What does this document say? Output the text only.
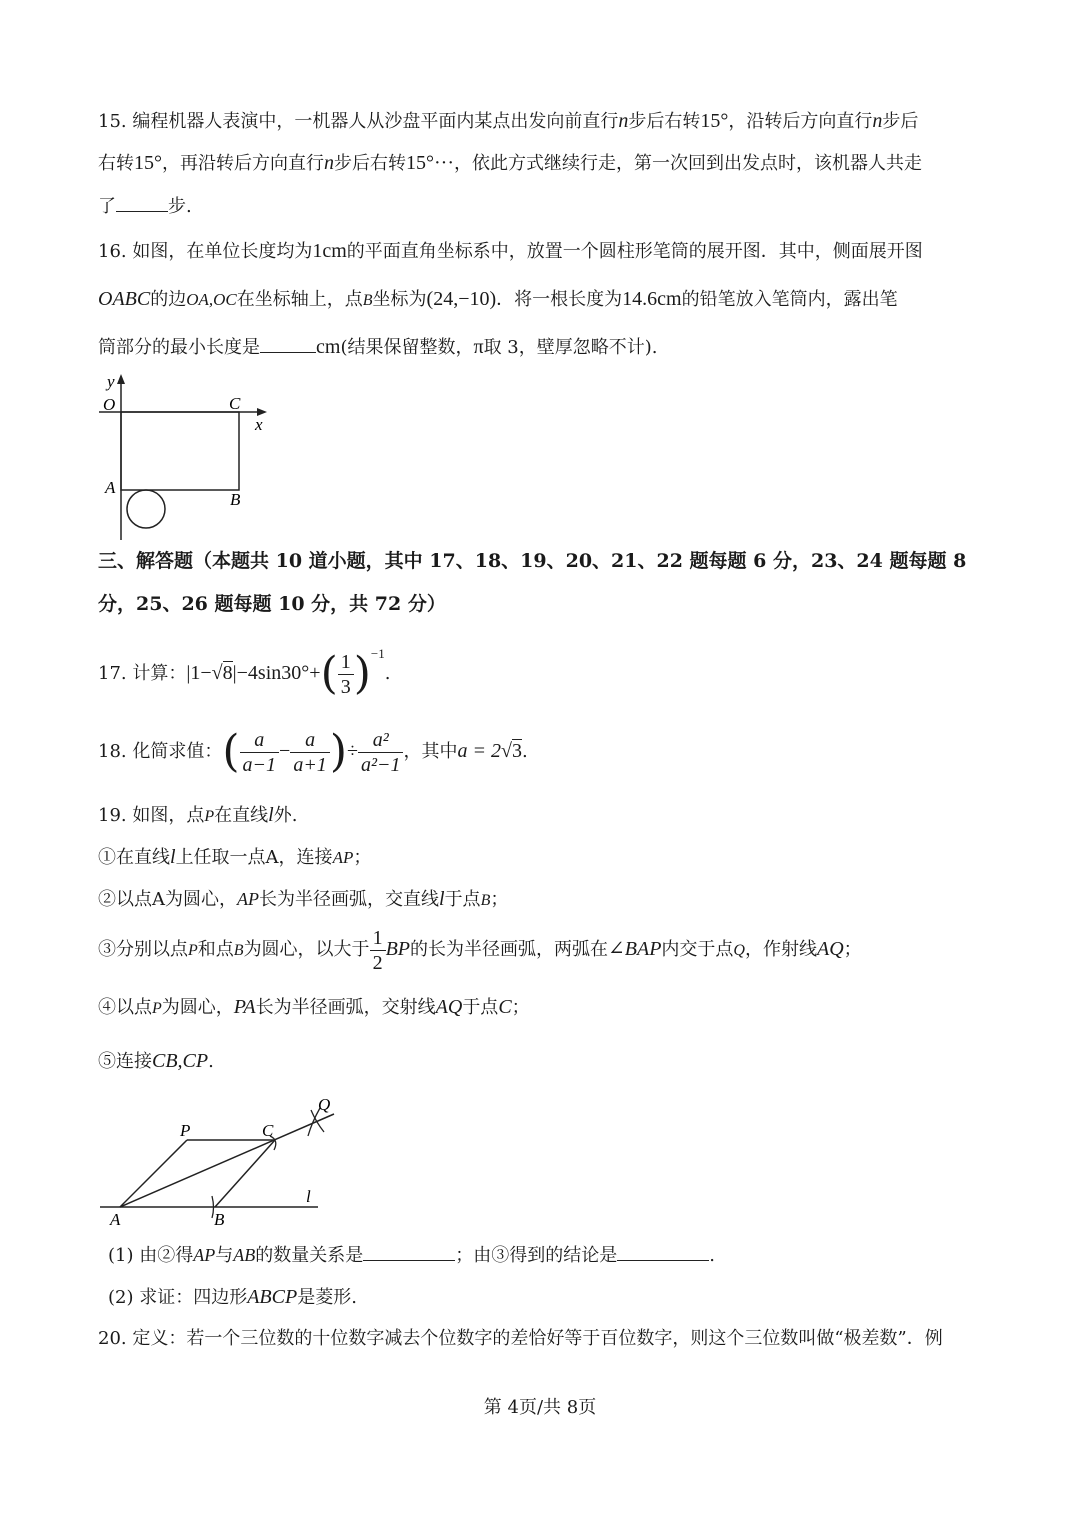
15. 编程机器人表演中，一机器人从沙盘平面内某点出发向前直行n步后右转15°，沿转后方向直行n步后
右转15°，再沿转后方向直行n步后右转15°···，依此方式继续行走，第一次回到出发点时，该机器人共走
了	步.
16. 如图，在单位长度均为1cm的平面直角坐标系中，放置一个圆柱形笔筒的展开图．其中，侧面展开图
OABC的边OA,OC在坐标轴上，点B坐标为(24,−10)．将一根长度为14.6cm的铅笔放入笔筒内，露出笔
筒部分的最小长度是	cm(结果保留整数，π取 3，壁厚忽略不计).
y
x
O	C
A
B
三、解答题（本题共 10 道小题，其中 17、18、19、20、21、22 题每题 6 分，23、24 题每题 8
分，25、26 题每题 10 分，共 72 分）
17. 计算：$|1-√8|-4\sin 30^\circ+( \frac{1}{3} )^{-1}$.
18. 化简求值：( $\frac{a}{a-1} - \frac{a}{a+1}$ )÷ $\frac{\text{a²}}{\text{a²−1}}$ ，其中a = 2√3.
19. 如图，点P在直线l外.
①在直线l上任取一点A，连接AP；
②以点A为圆心，AP长为半径画弧，交直线l于点B；
③分别以点P和点B为圆心，以大于 $\frac{1}{2}$ BP的长为半径画弧，两弧在∠BAP内交于点Q，作射线AQ；
④以点P为圆心，PA长为半径画弧，交射线AQ于点C；
⑤连接CB,CP.
P	C
Q
A	B
l
(1) 由②得AP与AB的数量关系是	；由③得到的结论是	.
(2) 求证：四边形ABCP是菱形.
20. 定义：若一个三位数的十位数字减去个位数字的差恰好等于百位数字，则这个三位数叫做“极差数”．例
第 4页/共 8页
